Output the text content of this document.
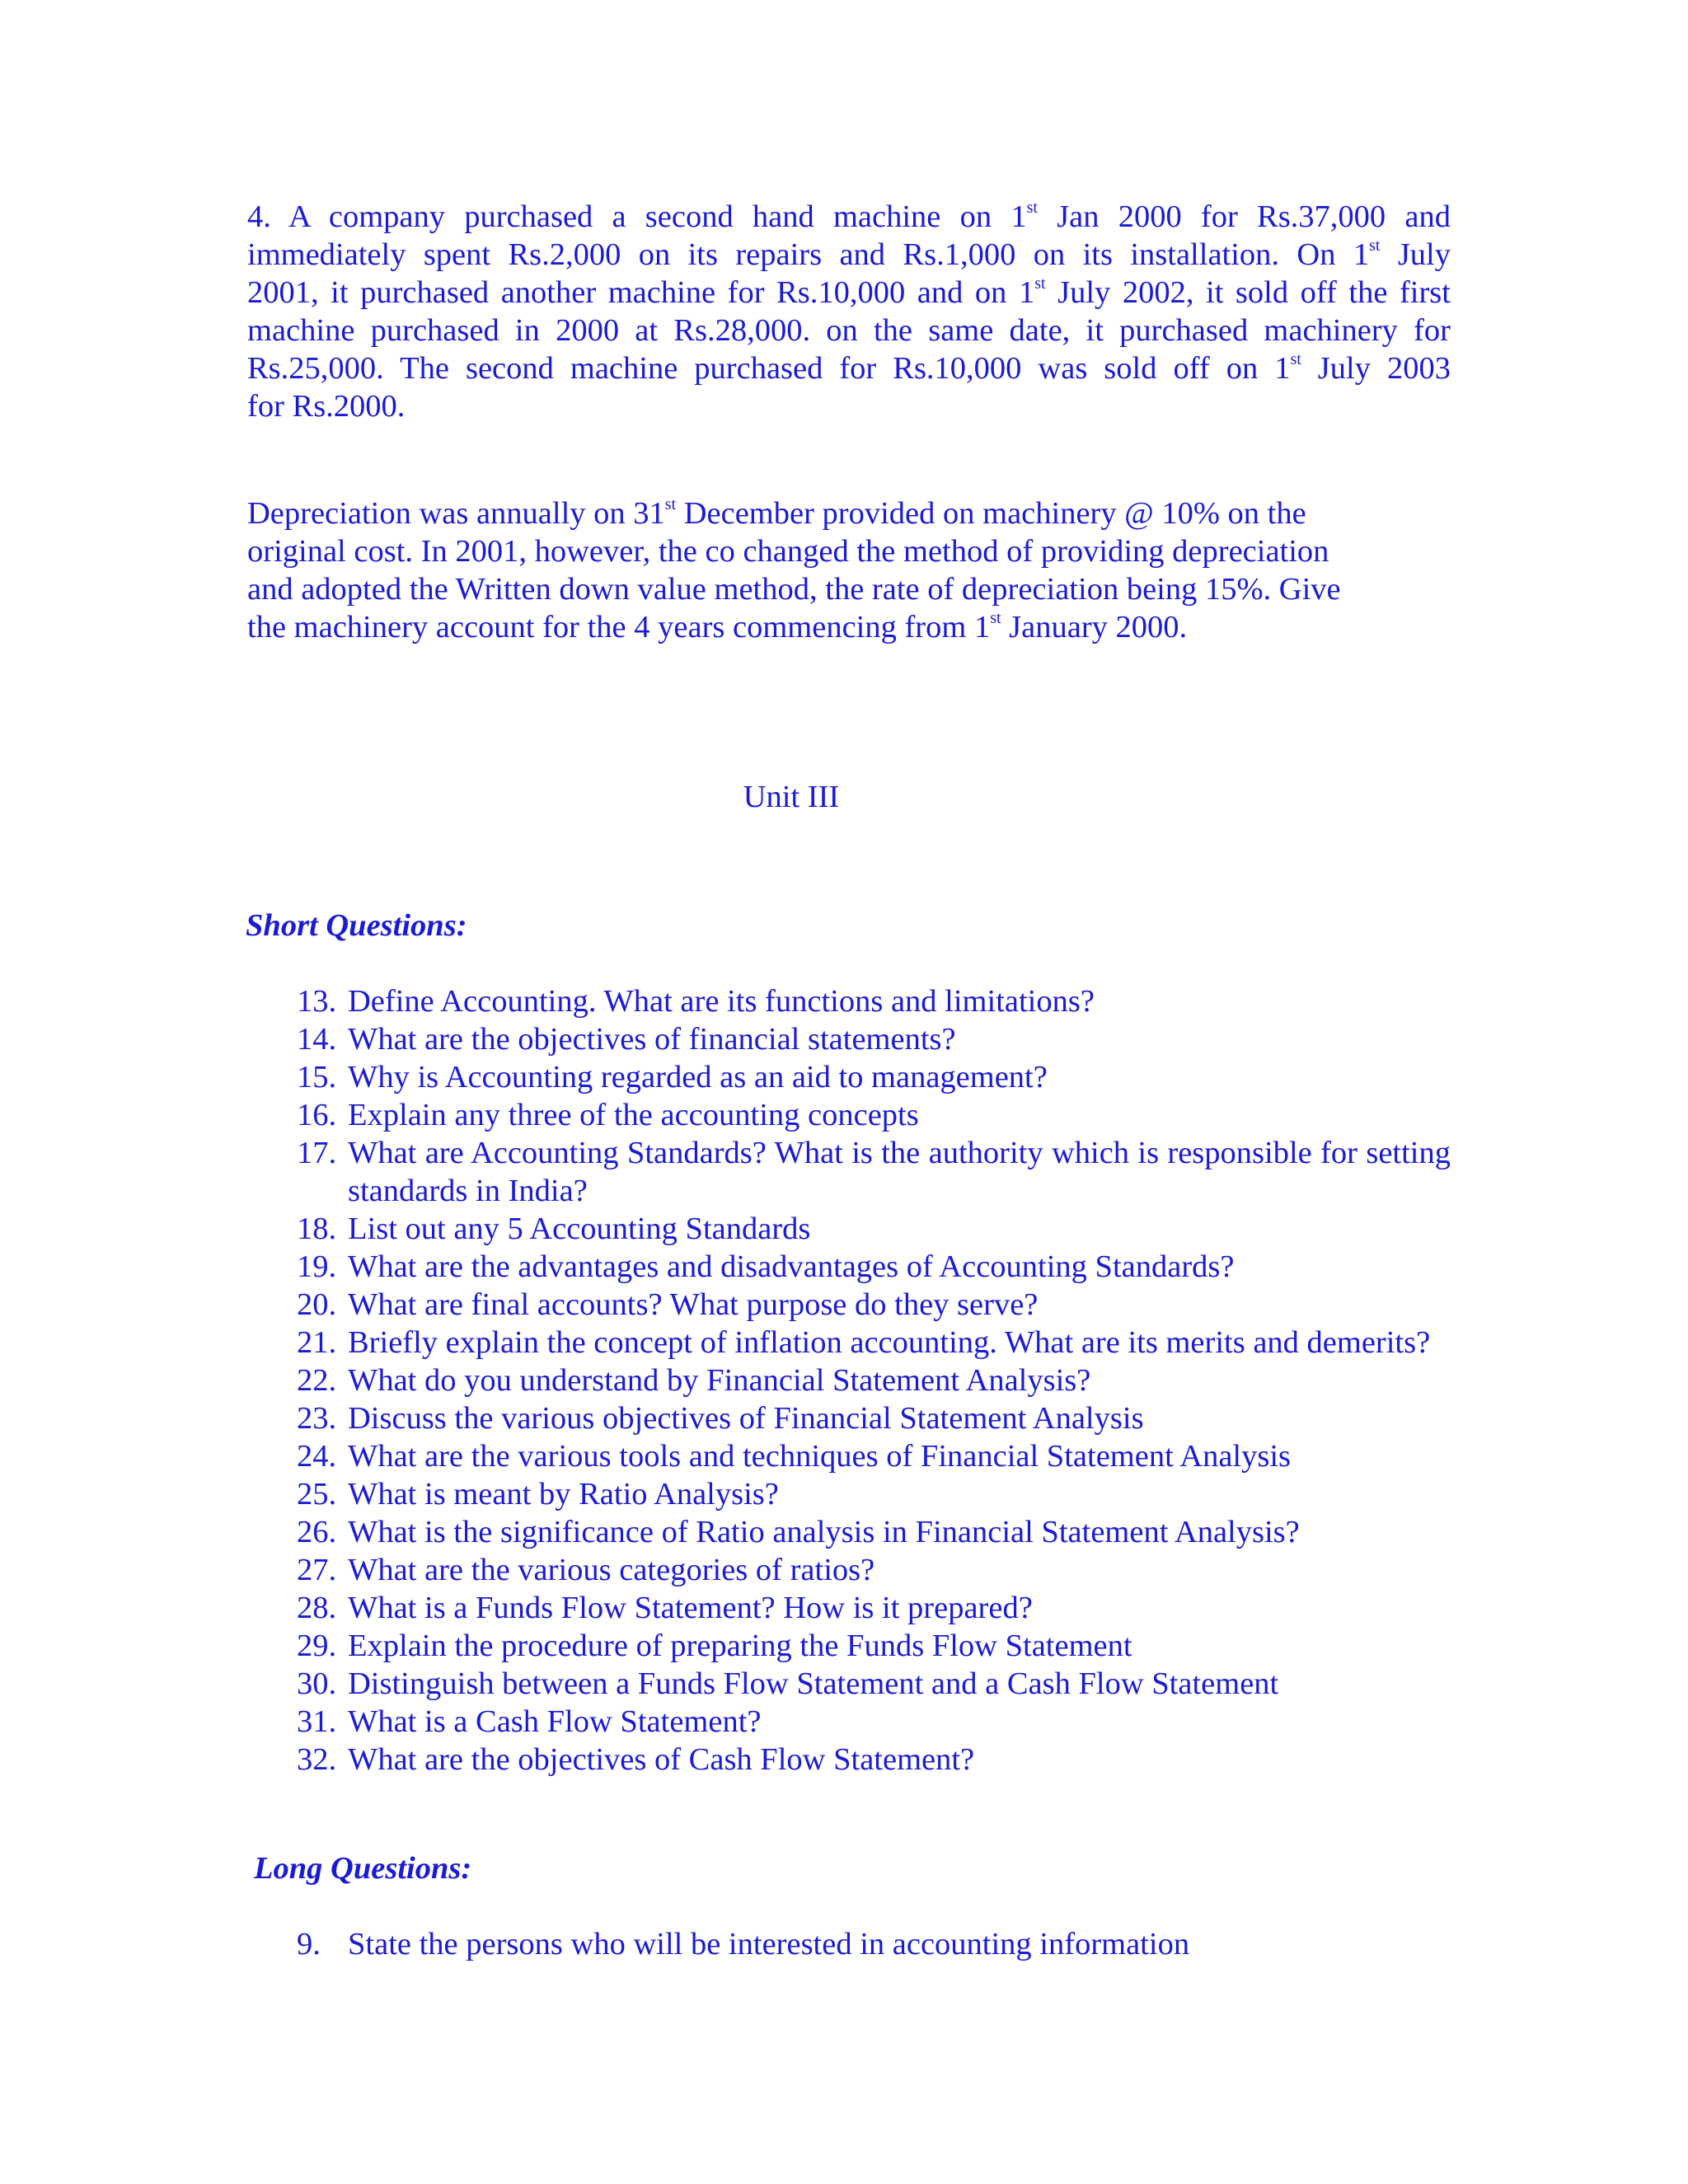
4. A company purchased a second hand machine on 1st Jan 2000 for Rs.37,000 and
immediately spent Rs.2,000 on its repairs and Rs.1,000 on its installation. On 1st July
2001, it purchased another machine for Rs.10,000 and on 1st July 2002, it sold off the first
machine purchased in 2000 at Rs.28,000. on the same date, it purchased machinery for
Rs.25,000. The second machine purchased for Rs.10,000 was sold off on 1st July 2003
for Rs.2000.
Depreciation was annually on 31st December provided on machinery @ 10% on the
original cost. In 2001, however, the co changed the method of providing depreciation
and adopted the Written down value method, the rate of depreciation being 15%. Give
the machinery account for the 4 years commencing from 1st January 2000.
Unit III
Short Questions:
13. Define Accounting. What are its functions and limitations?
14. What are the objectives of financial statements?
15. Why is Accounting regarded as an aid to management?
16. Explain any three of the accounting concepts
17. What are Accounting Standards? What is the authority which is responsible for setting standards in India?
18. List out any 5 Accounting Standards
19. What are the advantages and disadvantages of Accounting Standards?
20. What are final accounts? What purpose do they serve?
21. Briefly explain the concept of inflation accounting. What are its merits and demerits?
22. What do you understand by Financial Statement Analysis?
23. Discuss the various objectives of Financial Statement Analysis
24. What are the various tools and techniques of Financial Statement Analysis
25. What is meant by Ratio Analysis?
26. What is the significance of Ratio analysis in Financial Statement Analysis?
27. What are the various categories of ratios?
28. What is a Funds Flow Statement? How is it prepared?
29. Explain the procedure of preparing the Funds Flow Statement
30. Distinguish between a Funds Flow Statement and a Cash Flow Statement
31. What is a Cash Flow Statement?
32. What are the objectives of Cash Flow Statement?
Long Questions:
9. State the persons who will be interested in accounting information
